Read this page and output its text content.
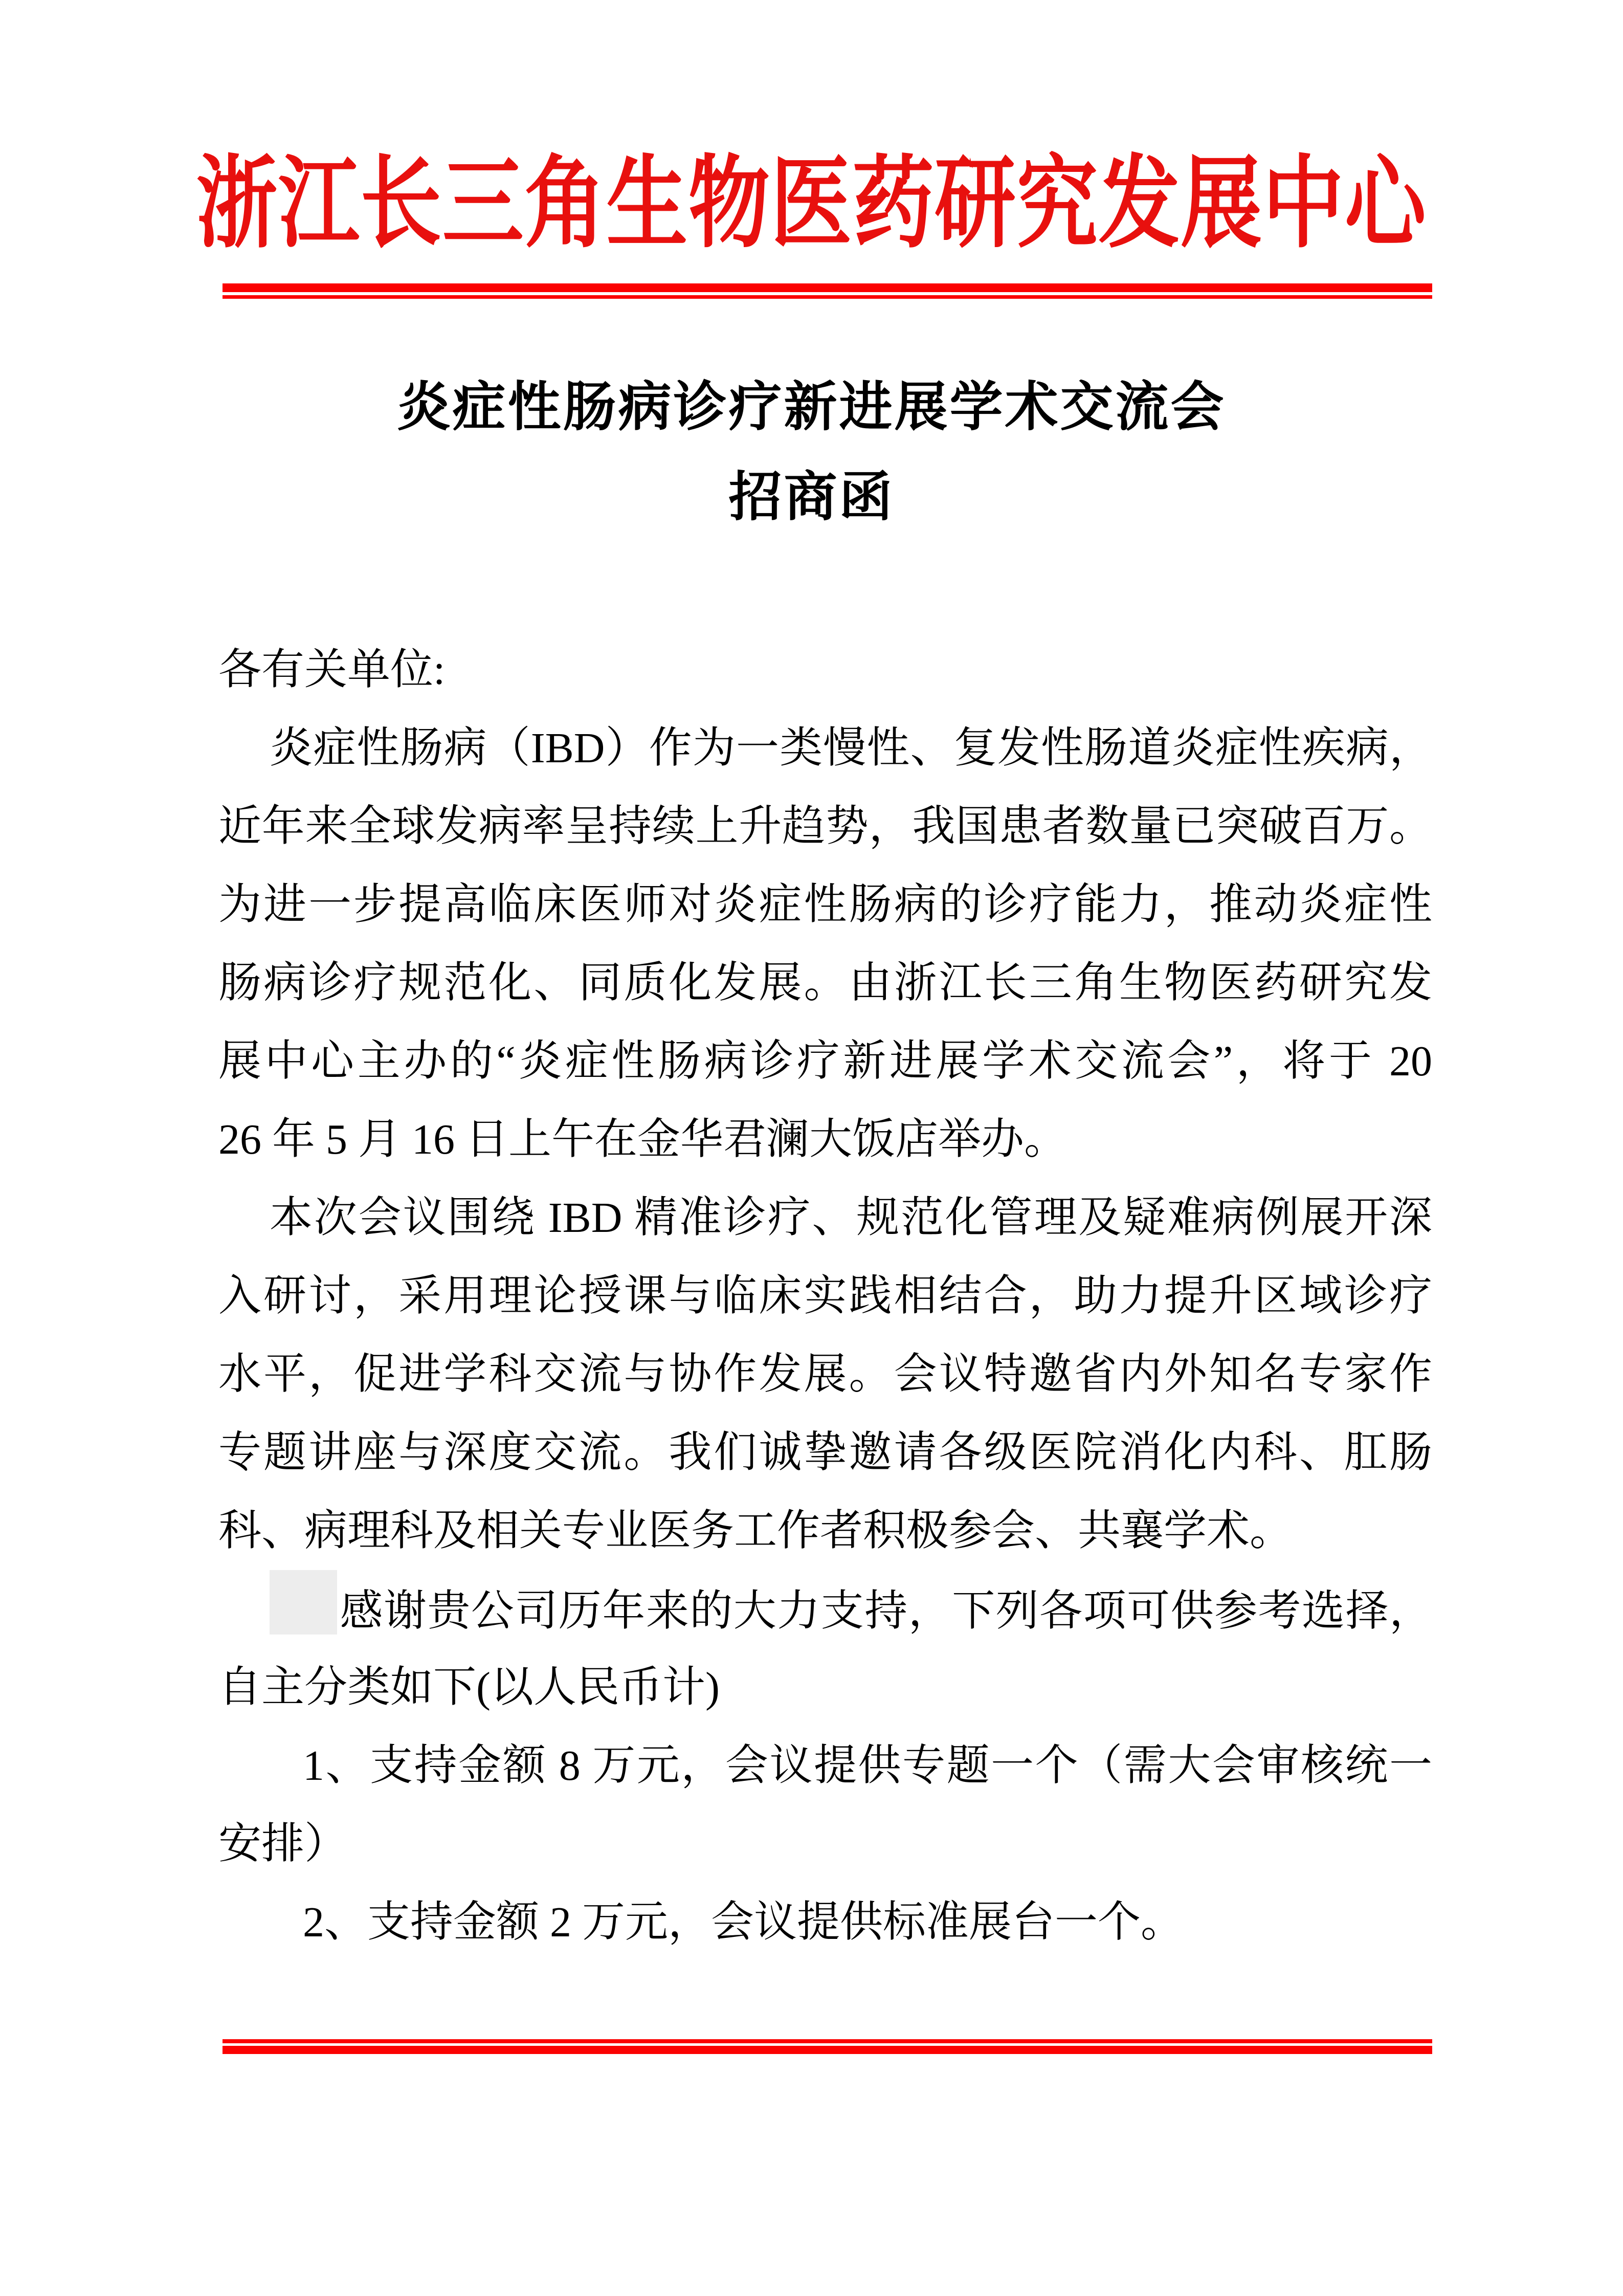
浙江长三角生物医药研究发展中心
炎症性肠病诊疗新进展学术交流会
招商函
各有关单位:
炎症性肠病（IBD）作为一类慢性、复发性肠道炎症性疾病，
近年来全球发病率呈持续上升趋势，我国患者数量已突破百万。
为进一步提高临床医师对炎症性肠病的诊疗能力，推动炎症性
肠病诊疗规范化、同质化发展。由浙江长三角生物医药研究发
展中心主办的“炎症性肠病诊疗新进展学术交流会”，将于 20
26 年 5 月 16 日上午在金华君澜大饭店举办。
本次会议围绕 IBD 精准诊疗、规范化管理及疑难病例展开深
入研讨，采用理论授课与临床实践相结合，助力提升区域诊疗
水平，促进学科交流与协作发展。会议特邀省内外知名专家作
专题讲座与深度交流。我们诚挚邀请各级医院消化内科、肛肠
科、病理科及相关专业医务工作者积极参会、共襄学术。
感谢贵公司历年来的大力支持，下列各项可供参考选择，
自主分类如下(以人民币计)
1、支持金额 8 万元，会议提供专题一个（需大会审核统一
安排）
2、支持金额 2 万元，会议提供标准展台一个。
